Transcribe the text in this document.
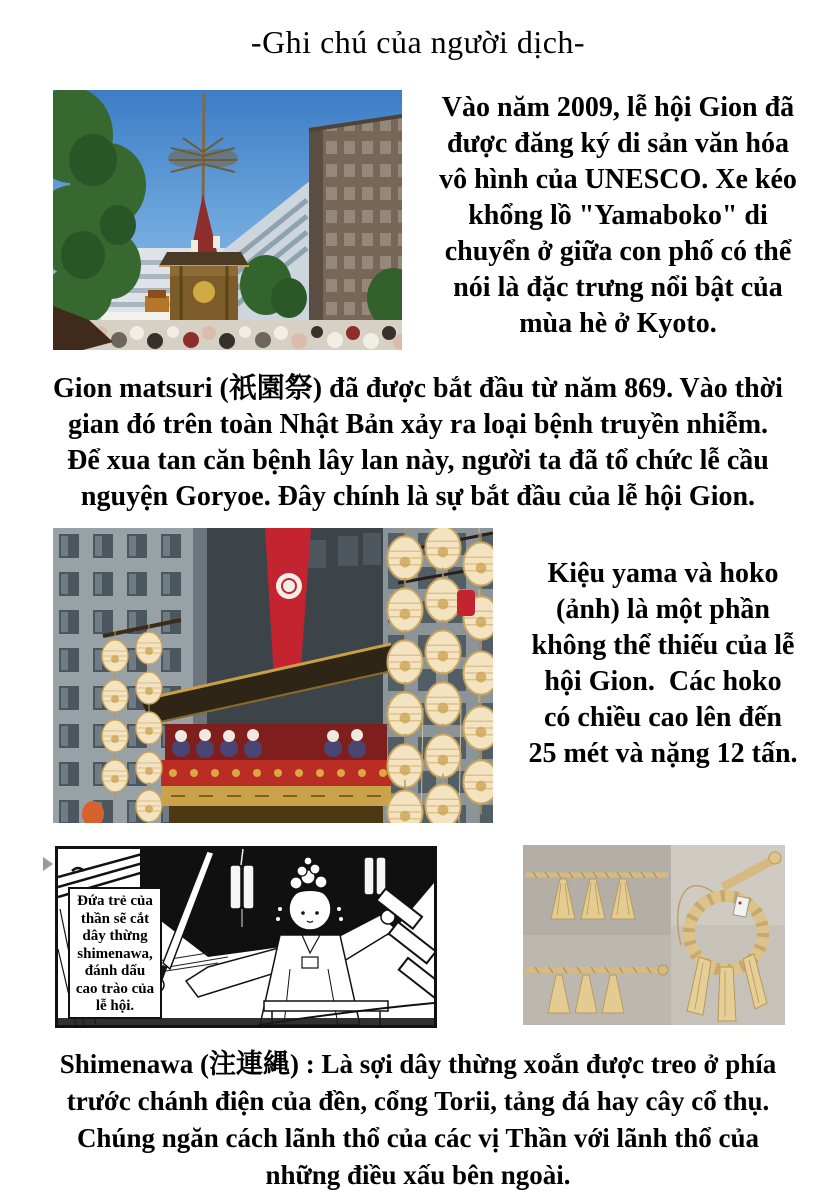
-Ghi chú của người dịch-
Vào năm 2009, lễ hội Gion đã
được đăng ký di sản văn hóa
vô hình của UNESCO. Xe kéo
khổng lồ "Yamaboko" di
chuyển ở giữa con phố có thể
nói là đặc trưng nổi bật của
mùa hè ở Kyoto.
Gion matsuri (祇園祭) đã được bắt đầu từ năm 869. Vào thời
gian đó trên toàn Nhật Bản xảy ra loại bệnh truyền nhiễm.
Để xua tan căn bệnh lây lan này, người ta đã tổ chức lễ cầu
nguyện Goryoe. Đây chính là sự bắt đầu của lễ hội Gion.
Kiệu yama và hoko
(ảnh) là một phần
không thể thiếu của lễ
hội Gion.  Các hoko
có chiều cao lên đến
25 mét và nặng 12 tấn.
Đứa trẻ của
thần sẽ cắt
dây thừng
shimenawa,
đánh dấu
cao trào của
lễ hội.
Shimenawa (注連縄) : Là sợi dây thừng xoắn được treo ở phía
trước chánh điện của đền, cổng Torii, tảng đá hay cây cổ thụ.
Chúng ngăn cách lãnh thổ của các vị Thần với lãnh thổ của
những điều xấu bên ngoài.
